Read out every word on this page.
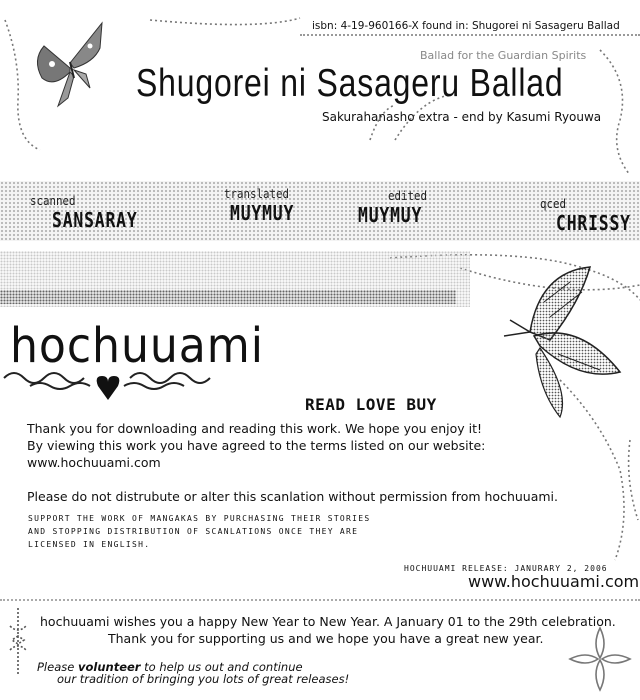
isbn: 4-19-960166-X found in: Shugorei ni Sasageru Ballad
Ballad for the Guardian Spirits
Shugorei ni Sasageru Ballad
Sakurahanasho extra - end by Kasumi Ryouwa
scanned
SANSARAY
translated
MUYMUY
edited
MUYMUY	qced
CHRISSY
hochuuami
READ LOVE BUY

Thank you for downloading and reading this work. We hope you enjoy it!

By viewing this work you have agreed to the terms listed on our website:

www.hochuuami.com

Please do not distrubute or alter this scanlation without permission from hochuuami.

SUPPORT THE WORK OF MANGAKAS BY PURCHASING THEIR STORIES
AND STOPPING DISTRIBUTION OF SCANLATIONS ONCE THEY ARE
LICENSED IN ENGLISH.
HOCHUUAMI RELEASE: JANURARY 2, 2006
www.hochuuami.com
hochuuami wishes you a happy New Year to New Year. A January 01 to the 29th celebration.
Thank you for supporting us and we hope you have a great new year.
Please volunteer to help us out and continue
our tradition of bringing you lots of great releases!
